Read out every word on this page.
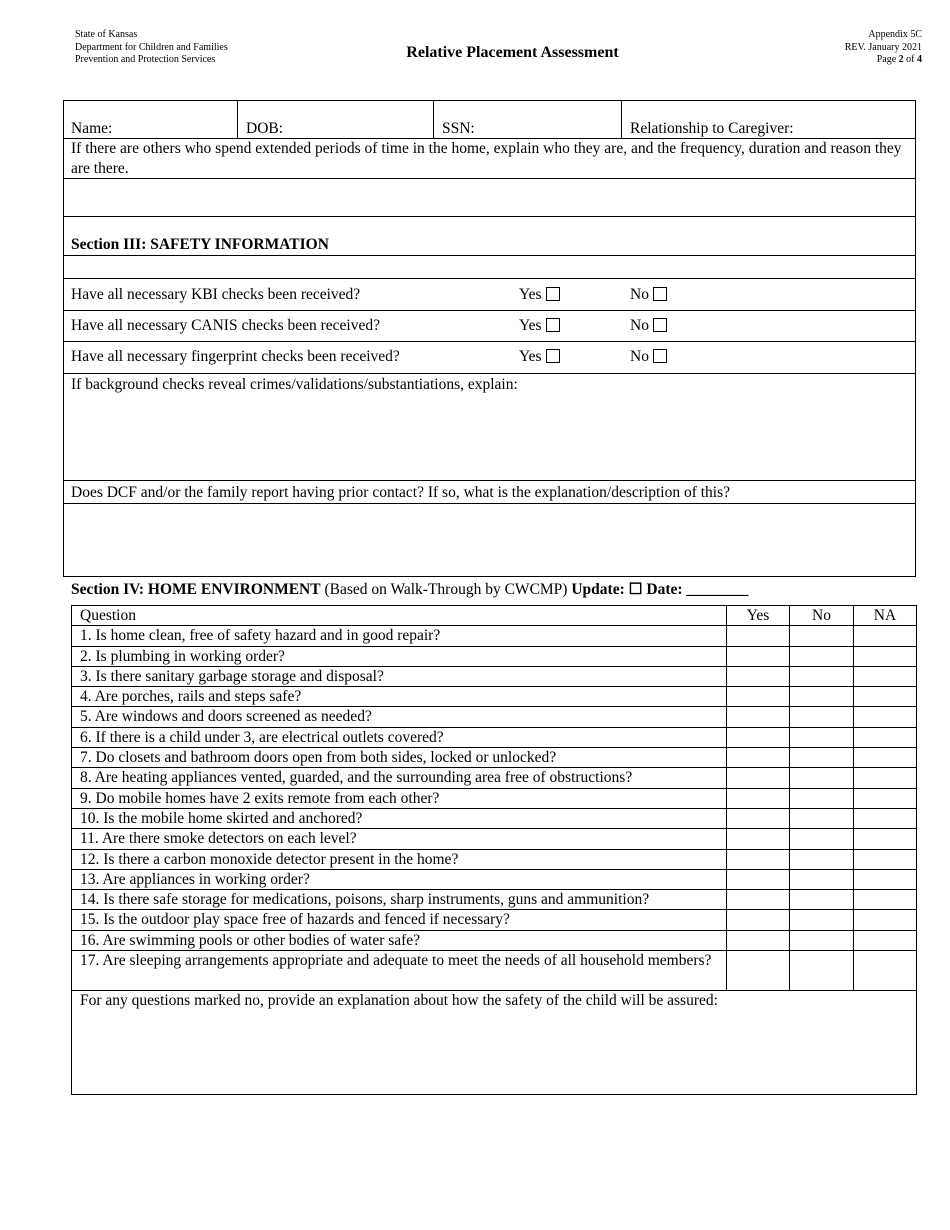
State of Kansas
Department for Children and Families
Prevention and Protection Services	Relative Placement Assessment
Appendix 5C
REV. January 2021
Page 2 of 4
Name:	DOB:	SSN:	Relationship to Caregiver:
If there are others who spend extended periods of time in the home, explain who they are, and the frequency, duration and reason they are there.
Section III: SAFETY INFORMATION
Have all necessary KBI checks been received?	Yes	No
Have all necessary CANIS checks been received?	Yes	No
Have all necessary fingerprint checks been received?	Yes	No
If background checks reveal crimes/validations/substantiations, explain:
Does DCF and/or the family report having prior contact? If so, what is the explanation/description of this?
Section IV: HOME ENVIRONMENT (Based on Walk-Through by CWCMP) Update: ☐ Date: ________
Question	Yes	No	NA
1. Is home clean, free of safety hazard and in good repair?			
2. Is plumbing in working order?			
3. Is there sanitary garbage storage and disposal?			
4. Are porches, rails and steps safe?			
5. Are windows and doors screened as needed?			
6. If there is a child under 3, are electrical outlets covered?			
7. Do closets and bathroom doors open from both sides, locked or unlocked?			
8. Are heating appliances vented, guarded, and the surrounding area free of obstructions?			
9. Do mobile homes have 2 exits remote from each other?			
10. Is the mobile home skirted and anchored?			
11. Are there smoke detectors on each level?			
12. Is there a carbon monoxide detector present in the home?			
13. Are appliances in working order?			
14. Is there safe storage for medications, poisons, sharp instruments, guns and ammunition?			
15. Is the outdoor play space free of hazards and fenced if necessary?			
16. Are swimming pools or other bodies of water safe?			
17. Are sleeping arrangements appropriate and adequate to meet the needs of all household members?			
For any questions marked no, provide an explanation about how the safety of the child will be assured:			
